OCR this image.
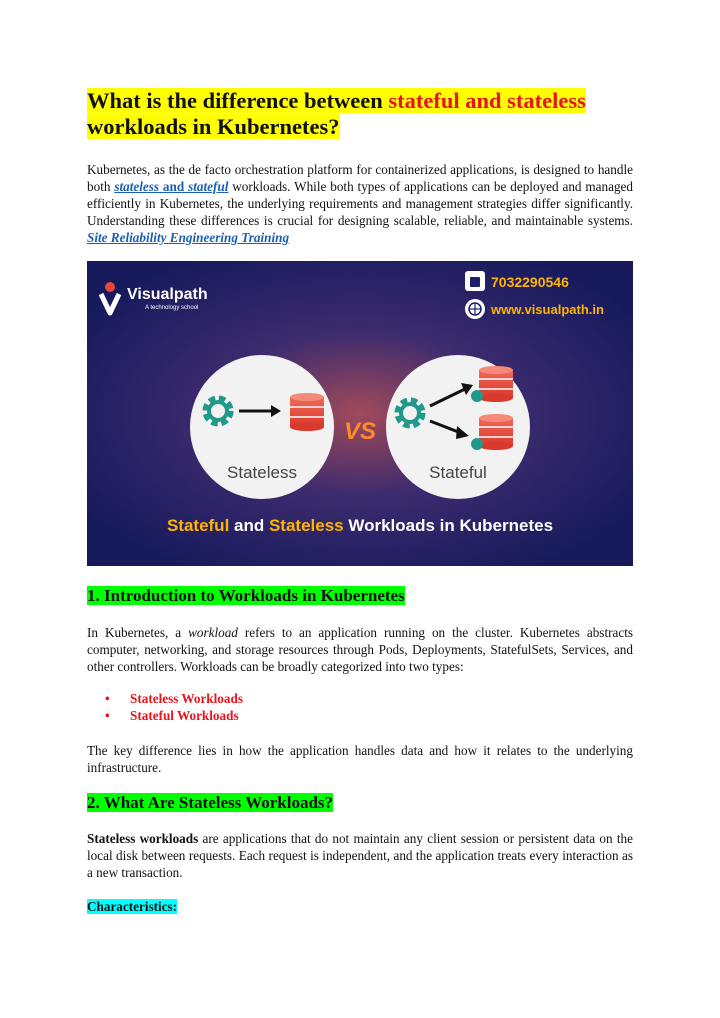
What is the difference between stateful and stateless
workloads in Kubernetes?

Kubernetes, as the de facto orchestration platform for containerized applications, is designed to handle both stateless and stateful workloads. While both types of applications can be deployed and managed efficiently in Kubernetes, the underlying requirements and management strategies differ significantly. Understanding these differences is crucial for designing scalable, reliable, and maintainable systems. Site Reliability Engineering Training

Visualpath
A technology school
7032290546
www.visualpath.in
Stateless
VS
Stateful
Stateful and Stateless Workloads in Kubernetes
1. Introduction to Workloads in Kubernetes

In Kubernetes, a workload refers to an application running on the cluster. Kubernetes abstracts computer, networking, and storage resources through Pods, Deployments, StatefulSets, Services, and other controllers. Workloads can be broadly categorized into two types:

• Stateless Workloads
• Stateful Workloads

The key difference lies in how the application handles data and how it relates to the underlying infrastructure.

2. What Are Stateless Workloads?

Stateless workloads are applications that do not maintain any client session or persistent data on the local disk between requests. Each request is independent, and the application treats every interaction as a new transaction.

Characteristics:
